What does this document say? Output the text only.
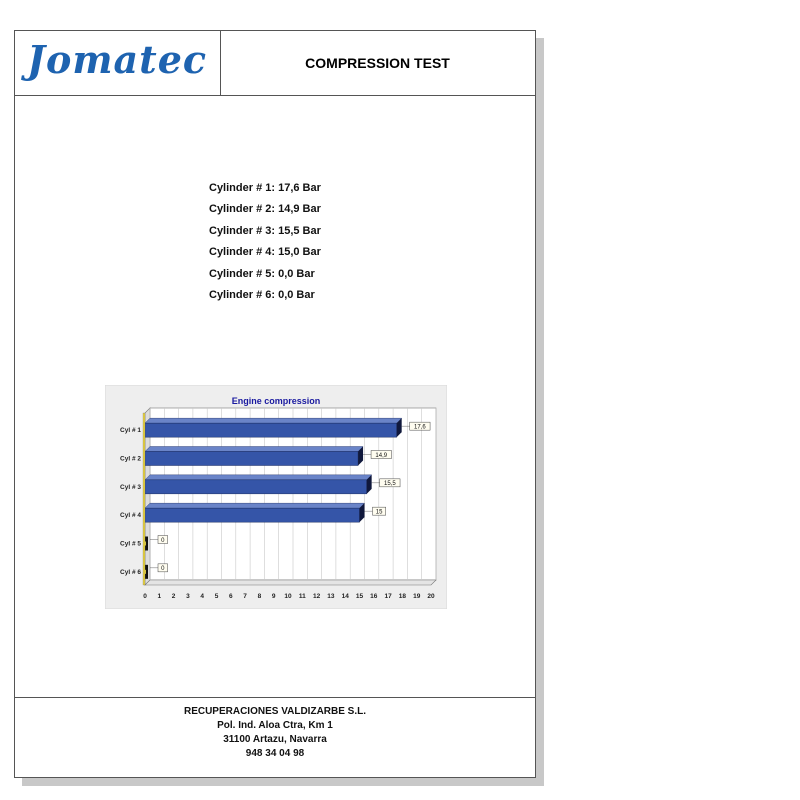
Jomatec	COMPRESSION TEST
Cylinder # 1: 17,6 Bar
Cylinder # 2: 14,9 Bar
Cylinder # 3: 15,5 Bar
Cylinder # 4: 15,0 Bar
Cylinder # 5: 0,0 Bar
Cylinder # 6: 0,0 Bar
Engine compression
0 1 2 3 4 5 6 7 8 9 10 11 12 13 14 15 16 17 18 19 20
Cyl # 1	17,6
Cyl # 2	14,9
Cyl # 3	15,5
Cyl # 4	15
Cyl # 5	0
Cyl # 6	0
RECUPERACIONES VALDIZARBE S.L.
Pol. Ind. Aloa Ctra, Km 1
31100 Artazu, Navarra
948 34 04 98
